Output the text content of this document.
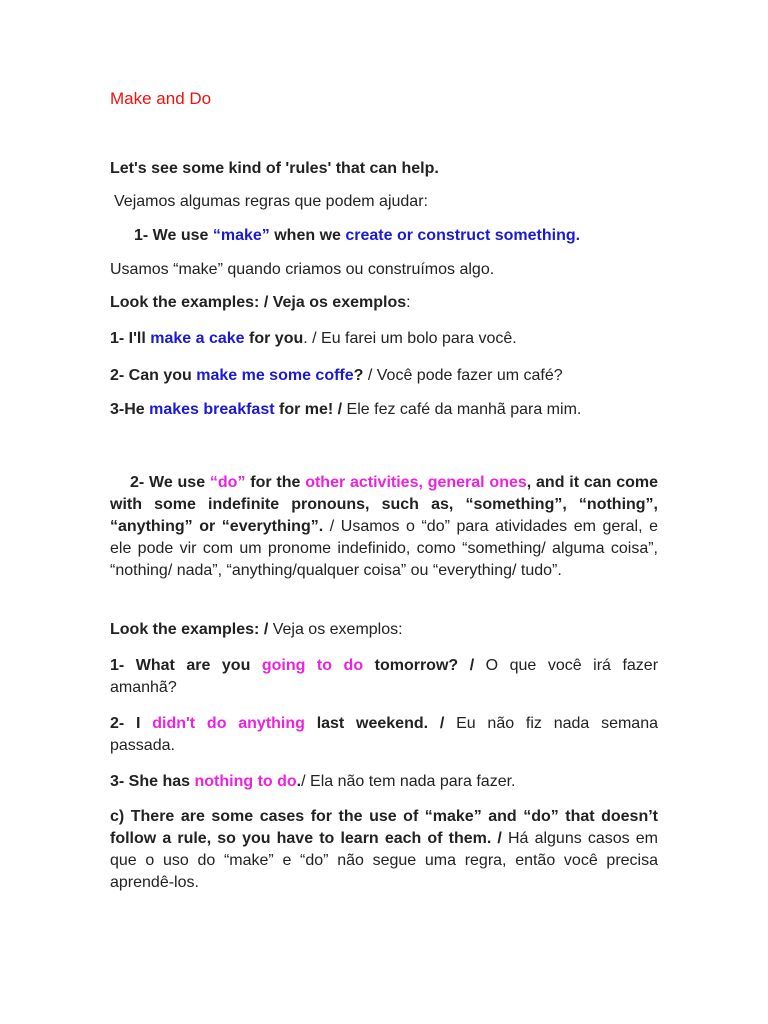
Make and Do
Let's see some kind of 'rules' that can help.
Vejamos algumas regras que podem ajudar:
1- We use “make” when we create or construct something.
Usamos “make” quando criamos ou construímos algo.
Look the examples: / Veja os exemplos:
1- I'll make a cake for you. / Eu farei um bolo para você.
2- Can you make me some coffe? / Você pode fazer um café?
3-He makes breakfast for me! / Ele fez café da manhã para mim.
2- We use “do” for the other activities, general ones, and it can come with some indefinite pronouns, such as, “something”, “nothing”, “anything” or “everything”. / Usamos o “do” para atividades em geral, e ele pode vir com um pronome indefinido, como “something/ alguma coisa”, “nothing/ nada”, “anything/qualquer coisa” ou “everything/ tudo”.
Look the examples: / Veja os exemplos:
1- What are you going to do tomorrow? / O que você irá fazer amanhã?
2- I didn't do anything last weekend. / Eu não fiz nada semana passada.
3- She has nothing to do./ Ela não tem nada para fazer.
c) There are some cases for the use of “make” and “do” that doesn’t follow a rule, so you have to learn each of them. / Há alguns casos em que o uso do “make” e “do” não segue uma regra, então você precisa aprendê-los.
